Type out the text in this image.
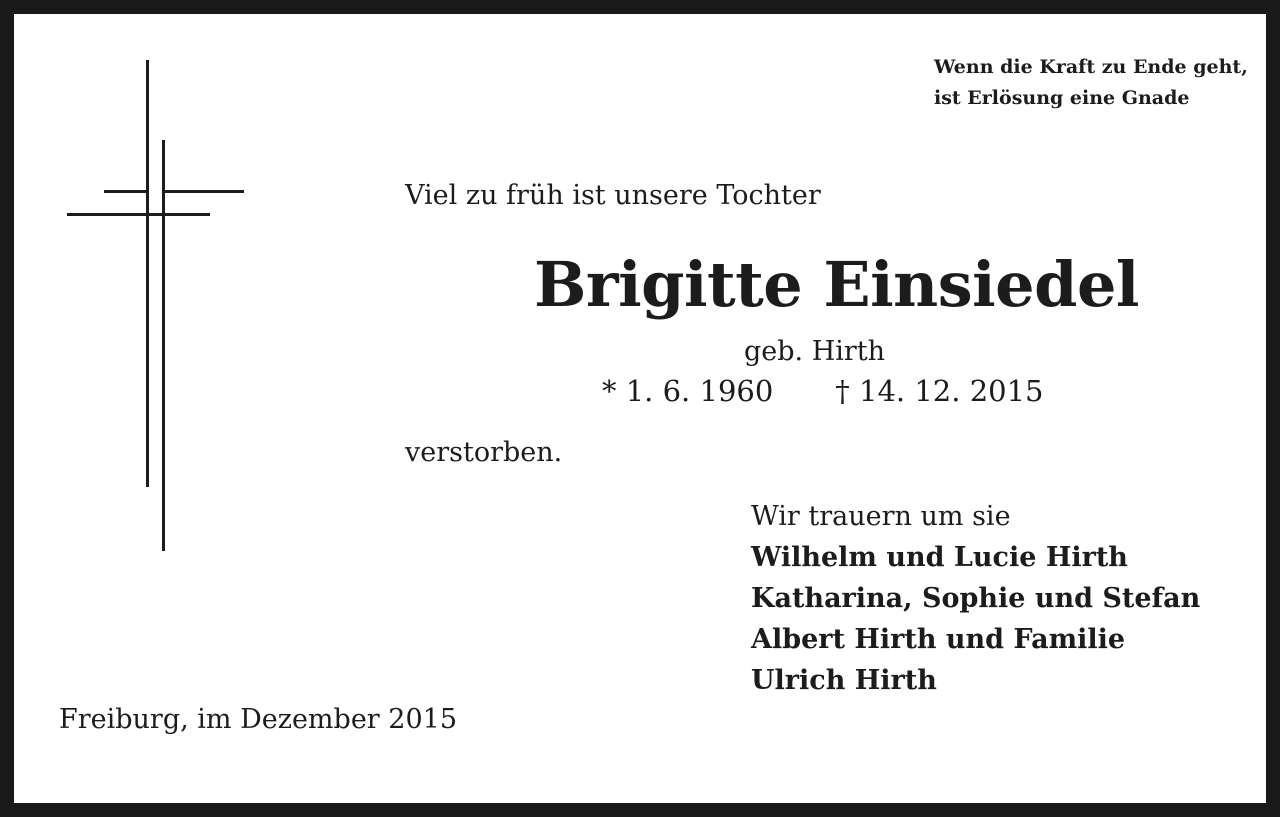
Wenn die Kraft zu Ende geht,
ist Erlösung eine Gnade
Viel zu früh ist unsere Tochter
Brigitte Einsiedel
geb. Hirth
* 1. 6. 1960 † 14. 12. 2015
verstorben.
Wir trauern um sie
Wilhelm und Lucie Hirth
Katharina, Sophie und Stefan
Albert Hirth und Familie
Ulrich Hirth
Freiburg, im Dezember 2015
